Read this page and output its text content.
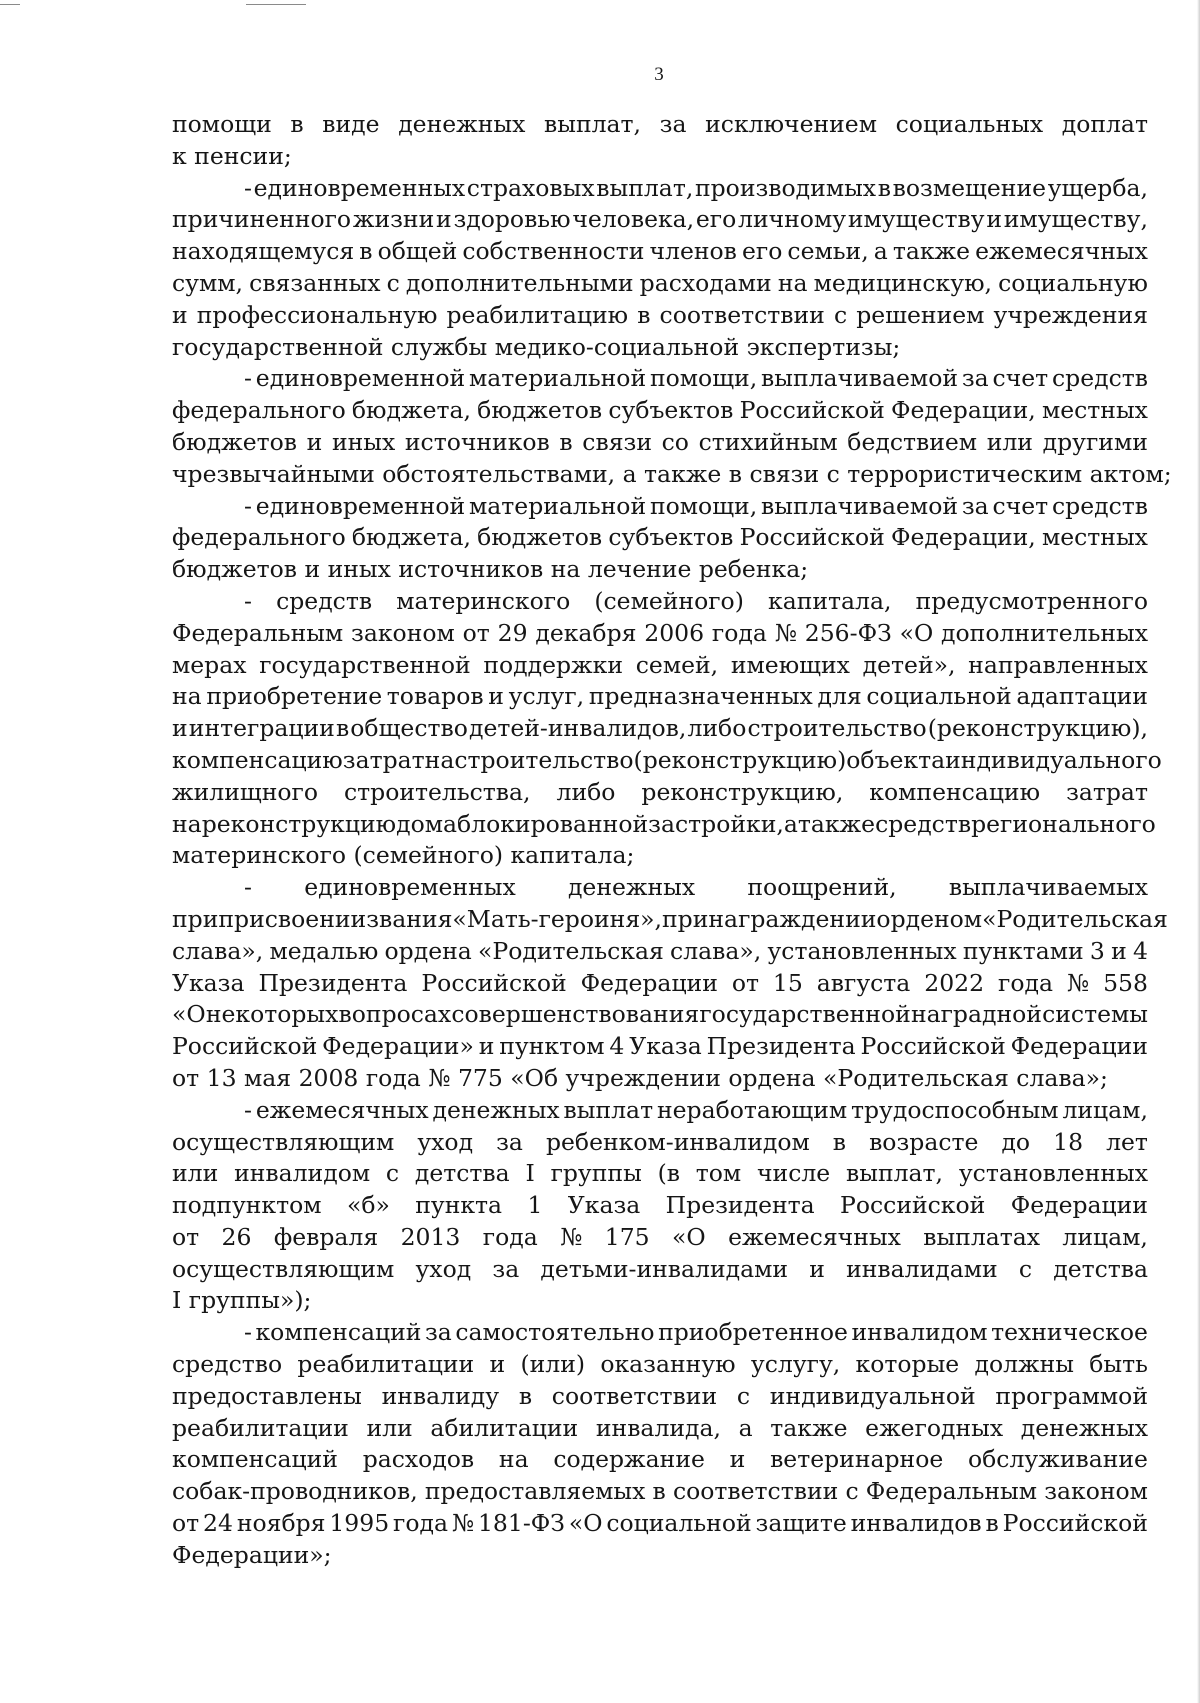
3
помощи в виде денежных выплат, за исключением социальных доплат
к пенсии;
- единовременных страховых выплат, производимых в возмещение ущерба,
причиненного жизни и здоровью человека, его личному имуществу и имуществу,
находящемуся в общей собственности членов его семьи, а также ежемесячных
сумм, связанных с дополнительными расходами на медицинскую, социальную
и профессиональную реабилитацию в соответствии с решением учреждения
государственной службы медико-социальной экспертизы;
- единовременной материальной помощи, выплачиваемой за счет средств
федерального бюджета, бюджетов субъектов Российской Федерации, местных
бюджетов и иных источников в связи со стихийным бедствием или другими
чрезвычайными обстоятельствами, а также в связи с террористическим актом;
- единовременной материальной помощи, выплачиваемой за счет средств
федерального бюджета, бюджетов субъектов Российской Федерации, местных
бюджетов и иных источников на лечение ребенка;
- средств материнского (семейного) капитала, предусмотренного
Федеральным законом от 29 декабря 2006 года № 256-ФЗ «О дополнительных
мерах государственной поддержки семей, имеющих детей», направленных
на приобретение товаров и услуг, предназначенных для социальной адаптации
и интеграции в общество детей-инвалидов, либо строительство (реконструкцию),
компенсацию затрат на строительство (реконструкцию) объекта индивидуального
жилищного строительства, либо реконструкцию, компенсацию затрат
на реконструкцию дома блокированной застройки, а также средств регионального
материнского (семейного) капитала;
- единовременных денежных поощрений, выплачиваемых
при присвоении звания «Мать-героиня», при награждении орденом «Родительская
слава», медалью ордена «Родительская слава», установленных пунктами 3 и 4
Указа Президента Российской Федерации от 15 августа 2022 года № 558
«О некоторых вопросах совершенствования государственной наградной системы
Российской Федерации» и пунктом 4 Указа Президента Российской Федерации
от 13 мая 2008 года № 775 «Об учреждении ордена «Родительская слава»;
- ежемесячных денежных выплат неработающим трудоспособным лицам,
осуществляющим уход за ребенком-инвалидом в возрасте до 18 лет
или инвалидом с детства I группы (в том числе выплат, установленных
подпунктом «б» пункта 1 Указа Президента Российской Федерации
от 26 февраля 2013 года № 175 «О ежемесячных выплатах лицам,
осуществляющим уход за детьми-инвалидами и инвалидами с детства
I группы»);
- компенсаций за самостоятельно приобретенное инвалидом техническое
средство реабилитации и (или) оказанную услугу, которые должны быть
предоставлены инвалиду в соответствии с индивидуальной программой
реабилитации или абилитации инвалида, а также ежегодных денежных
компенсаций расходов на содержание и ветеринарное обслуживание
собак-проводников, предоставляемых в соответствии с Федеральным законом
от 24 ноября 1995 года № 181-ФЗ «О социальной защите инвалидов в Российской
Федерации»;
